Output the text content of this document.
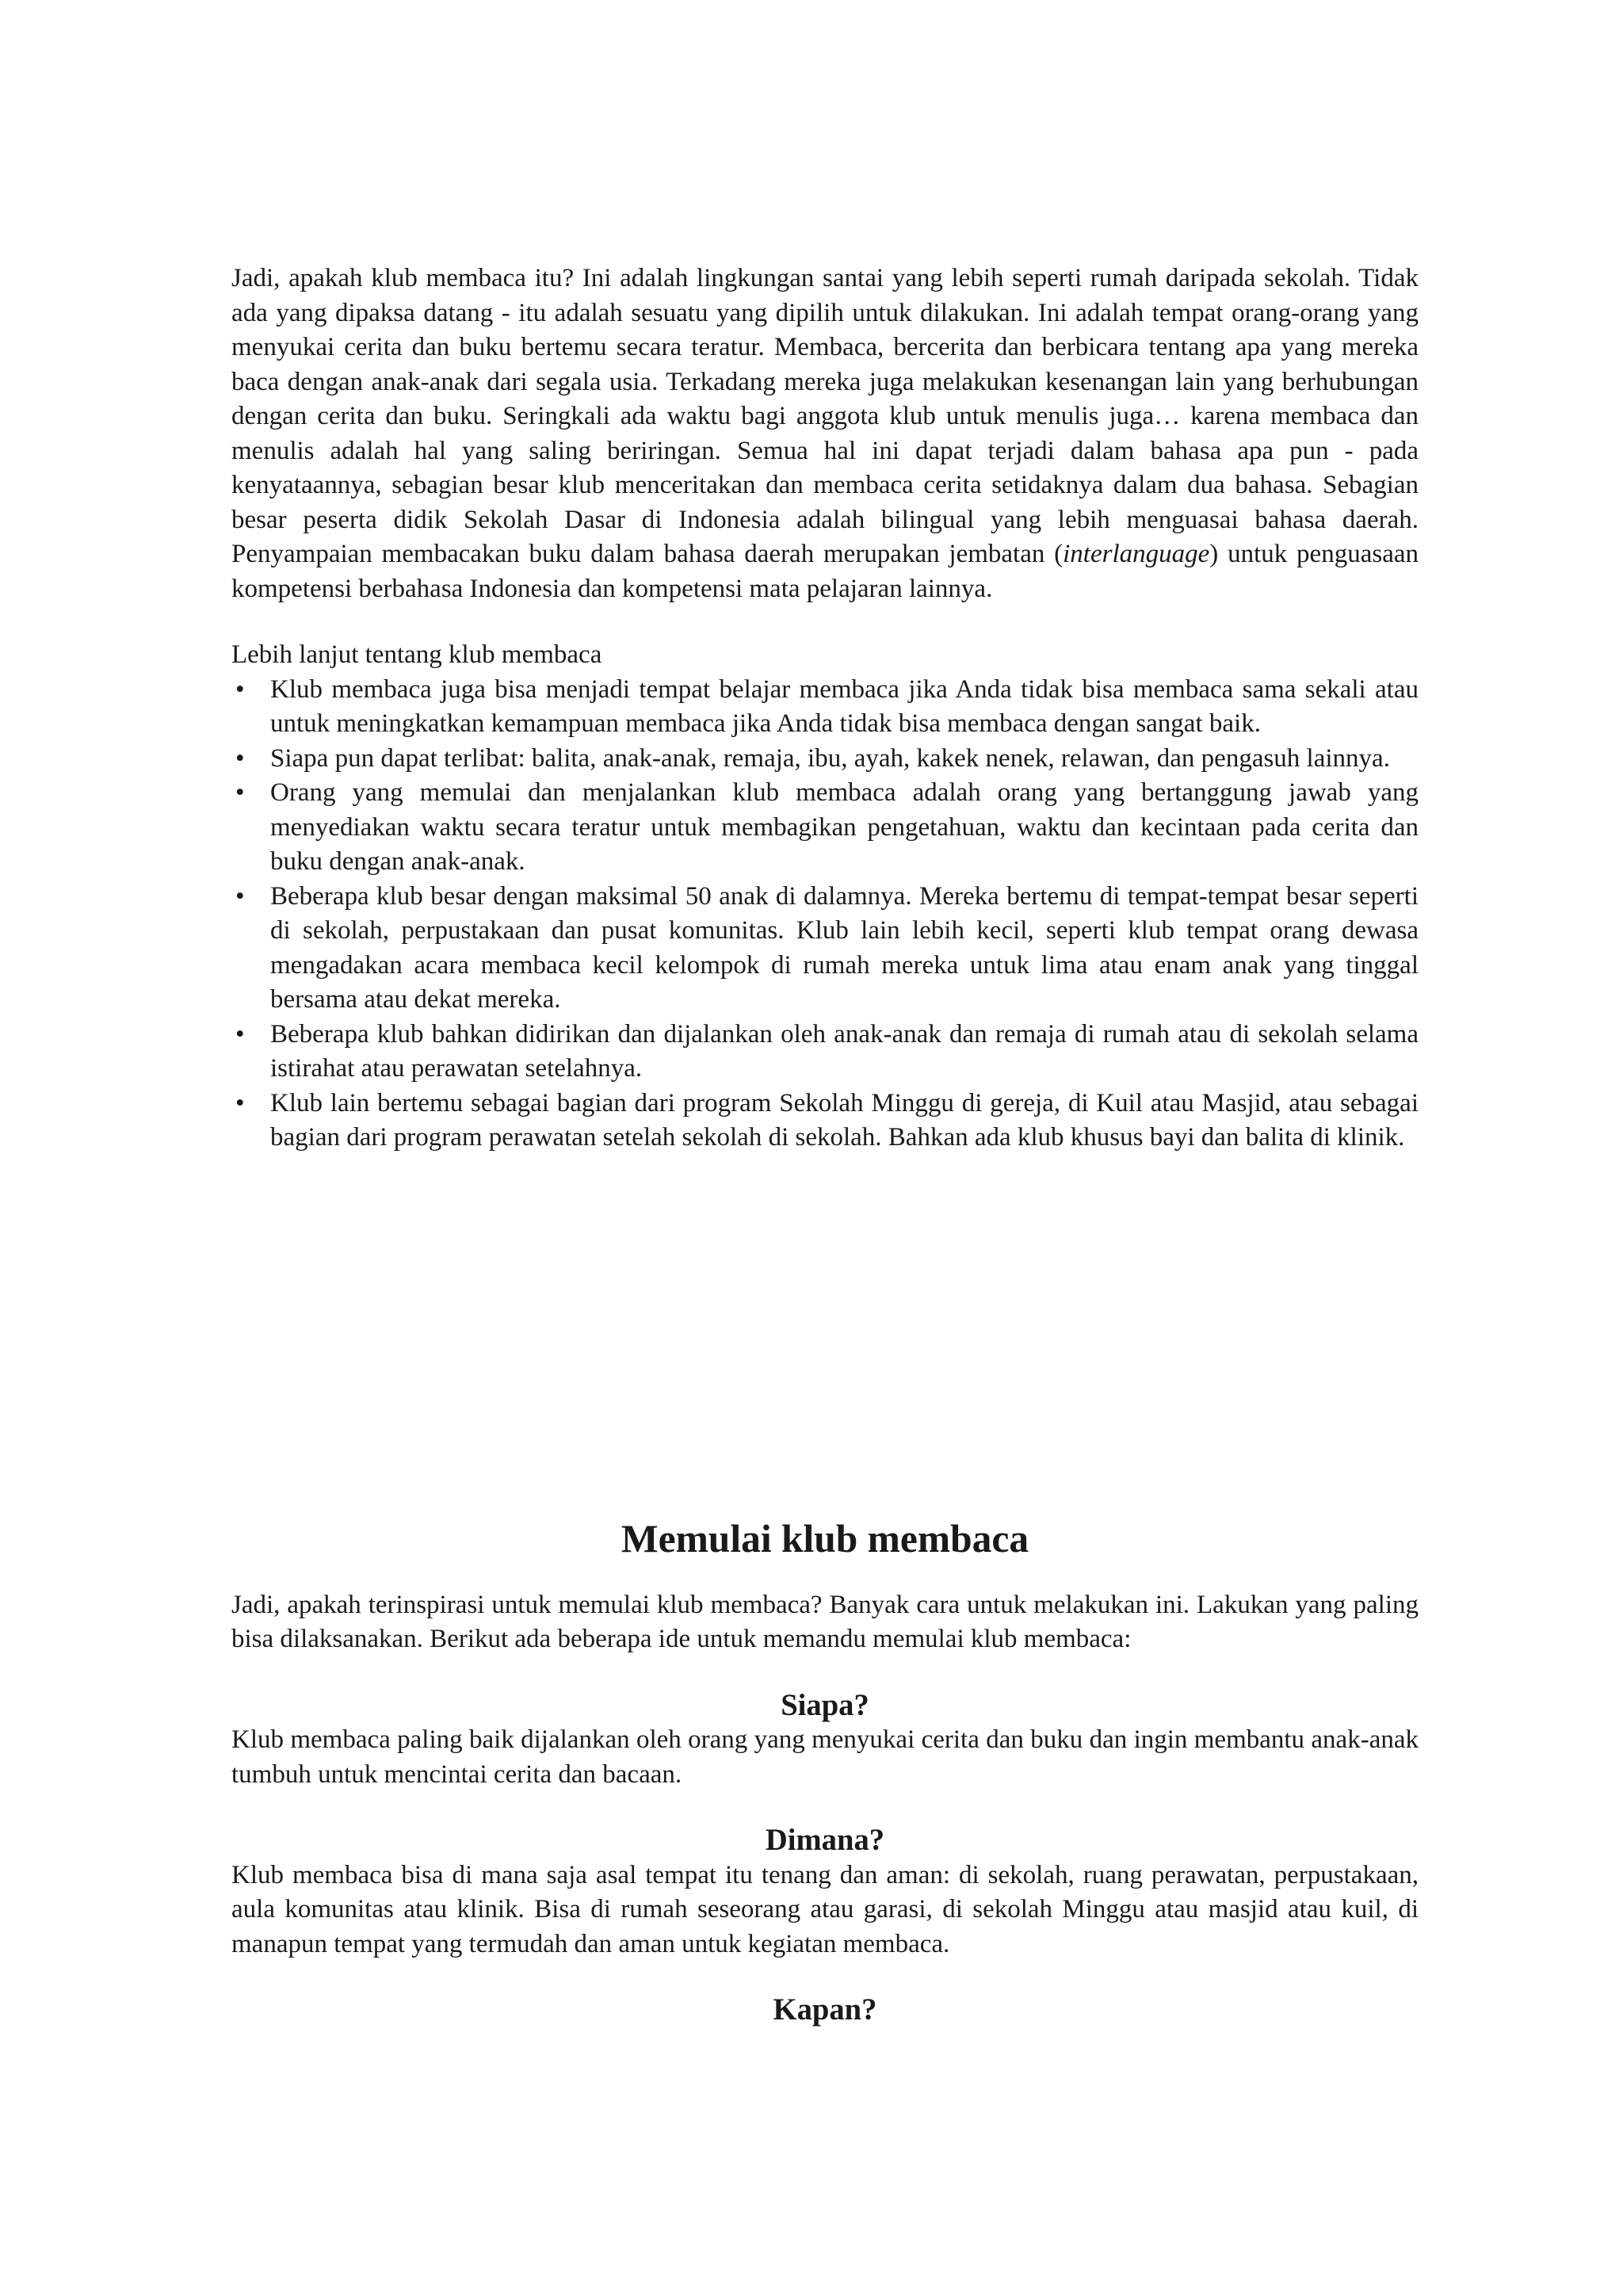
Jadi, apakah klub membaca itu? Ini adalah lingkungan santai yang lebih seperti rumah daripada sekolah. Tidak ada yang dipaksa datang - itu adalah sesuatu yang dipilih untuk dilakukan. Ini adalah tempat orang-orang yang menyukai cerita dan buku bertemu secara teratur. Membaca, bercerita dan berbicara tentang apa yang mereka baca dengan anak-anak dari segala usia. Terkadang mereka juga melakukan kesenangan lain yang berhubungan dengan cerita dan buku. Seringkali ada waktu bagi anggota klub untuk menulis juga… karena membaca dan menulis adalah hal yang saling beriringan. Semua hal ini dapat terjadi dalam bahasa apa pun - pada kenyataannya, sebagian besar klub menceritakan dan membaca cerita setidaknya dalam dua bahasa. Sebagian besar peserta didik Sekolah Dasar di Indonesia adalah bilingual yang lebih menguasai bahasa daerah. Penyampaian membacakan buku dalam bahasa daerah merupakan jembatan (interlanguage) untuk penguasaan kompetensi berbahasa Indonesia dan kompetensi mata pelajaran lainnya.

Lebih lanjut tentang klub membaca

• Klub membaca juga bisa menjadi tempat belajar membaca jika Anda tidak bisa membaca sama sekali atau untuk meningkatkan kemampuan membaca jika Anda tidak bisa membaca dengan sangat baik.
• Siapa pun dapat terlibat: balita, anak-anak, remaja, ibu, ayah, kakek nenek, relawan, dan pengasuh lainnya.
• Orang yang memulai dan menjalankan klub membaca adalah orang yang bertanggung jawab yang menyediakan waktu secara teratur untuk membagikan pengetahuan, waktu dan kecintaan pada cerita dan buku dengan anak-anak.
• Beberapa klub besar dengan maksimal 50 anak di dalamnya. Mereka bertemu di tempat-tempat besar seperti di sekolah, perpustakaan dan pusat komunitas. Klub lain lebih kecil, seperti klub tempat orang dewasa mengadakan acara membaca kecil kelompok di rumah mereka untuk lima atau enam anak yang tinggal bersama atau dekat mereka.
• Beberapa klub bahkan didirikan dan dijalankan oleh anak-anak dan remaja di rumah atau di sekolah selama istirahat atau perawatan setelahnya.
• Klub lain bertemu sebagai bagian dari program Sekolah Minggu di gereja, di Kuil atau Masjid, atau sebagai bagian dari program perawatan setelah sekolah di sekolah. Bahkan ada klub khusus bayi dan balita di klinik.
Memulai klub membaca

Jadi, apakah terinspirasi untuk memulai klub membaca? Banyak cara untuk melakukan ini. Lakukan yang paling bisa dilaksanakan. Berikut ada beberapa ide untuk memandu memulai klub membaca:

Siapa?

Klub membaca paling baik dijalankan oleh orang yang menyukai cerita dan buku dan ingin membantu anak-anak tumbuh untuk mencintai cerita dan bacaan.

Dimana?

Klub membaca bisa di mana saja asal tempat itu tenang dan aman: di sekolah, ruang perawatan, perpustakaan, aula komunitas atau klinik. Bisa di rumah seseorang atau garasi, di sekolah Minggu atau masjid atau kuil, di manapun tempat yang termudah dan aman untuk kegiatan membaca.

Kapan?
